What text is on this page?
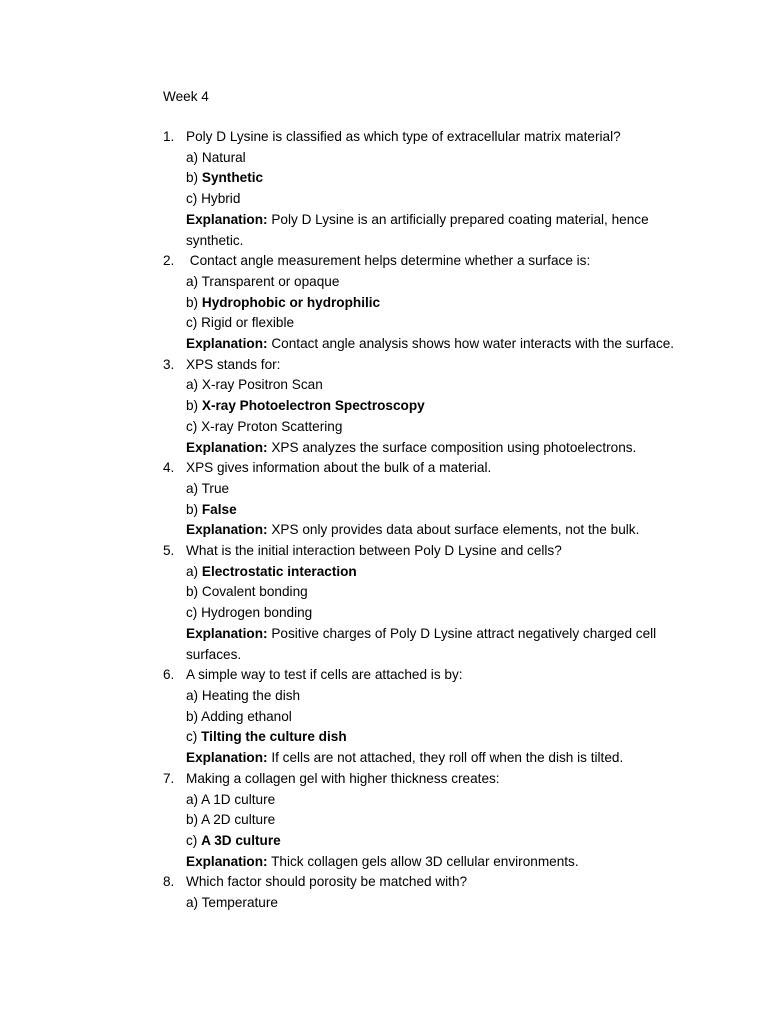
Week 4
1. Poly D Lysine is classified as which type of extracellular matrix material?
a) Natural
b) Synthetic
c) Hybrid
Explanation: Poly D Lysine is an artificially prepared coating material, hence synthetic.
2. Contact angle measurement helps determine whether a surface is:
a) Transparent or opaque
b) Hydrophobic or hydrophilic
c) Rigid or flexible
Explanation: Contact angle analysis shows how water interacts with the surface.
3. XPS stands for:
a) X-ray Positron Scan
b) X-ray Photoelectron Spectroscopy
c) X-ray Proton Scattering
Explanation: XPS analyzes the surface composition using photoelectrons.
4. XPS gives information about the bulk of a material.
a) True
b) False
Explanation: XPS only provides data about surface elements, not the bulk.
5. What is the initial interaction between Poly D Lysine and cells?
a) Electrostatic interaction
b) Covalent bonding
c) Hydrogen bonding
Explanation: Positive charges of Poly D Lysine attract negatively charged cell surfaces.
6. A simple way to test if cells are attached is by:
a) Heating the dish
b) Adding ethanol
c) Tilting the culture dish
Explanation: If cells are not attached, they roll off when the dish is tilted.
7. Making a collagen gel with higher thickness creates:
a) A 1D culture
b) A 2D culture
c) A 3D culture
Explanation: Thick collagen gels allow 3D cellular environments.
8. Which factor should porosity be matched with?
a) Temperature
